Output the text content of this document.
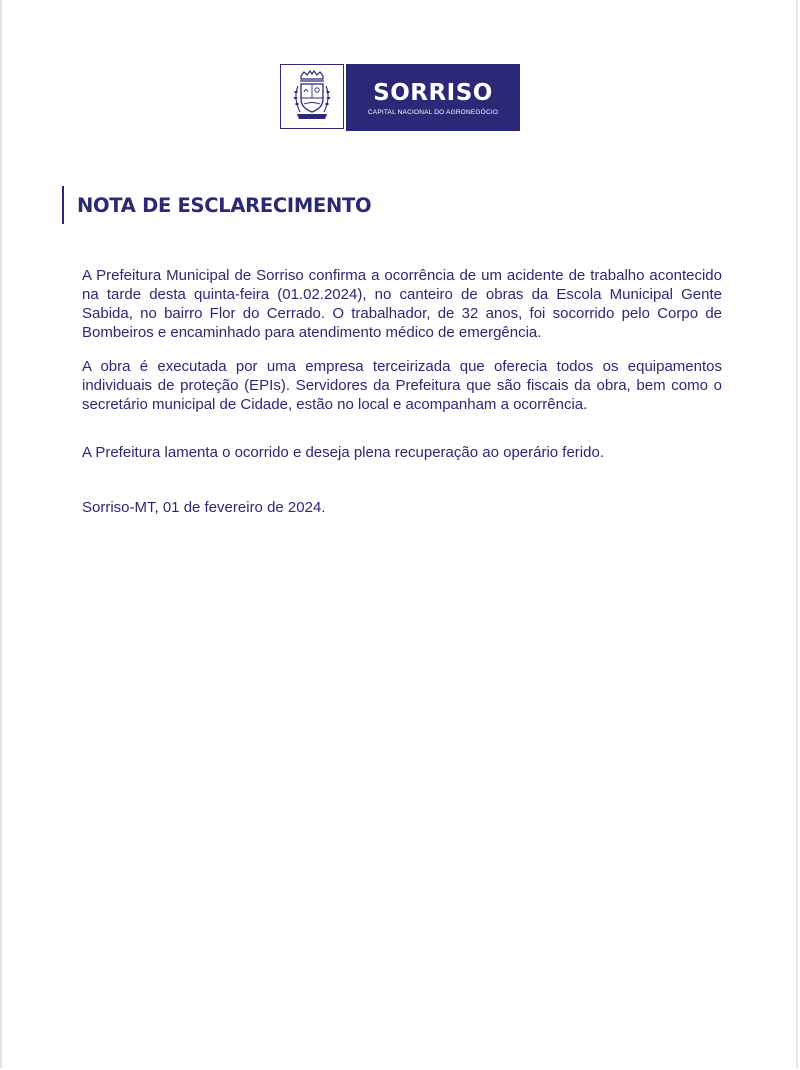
SORRISO
CAPITAL NACIONAL DO AGRONEGÓCIO
NOTA DE ESCLARECIMENTO

A Prefeitura Municipal de Sorriso confirma a ocorrência de um acidente de trabalho acontecido na tarde desta quinta-feira (01.02.2024), no canteiro de obras da Escola Municipal Gente Sabida, no bairro Flor do Cerrado. O trabalhador, de 32 anos, foi socorrido pelo Corpo de Bombeiros e encaminhado para atendimento médico de emergência.

A obra é executada por uma empresa terceirizada que oferecia todos os equipamentos individuais de proteção (EPIs). Servidores da Prefeitura que são fiscais da obra, bem como o secretário municipal de Cidade, estão no local e acompanham a ocorrência.

A Prefeitura lamenta o ocorrido e deseja plena recuperação ao operário ferido.

Sorriso-MT, 01 de fevereiro de 2024.
